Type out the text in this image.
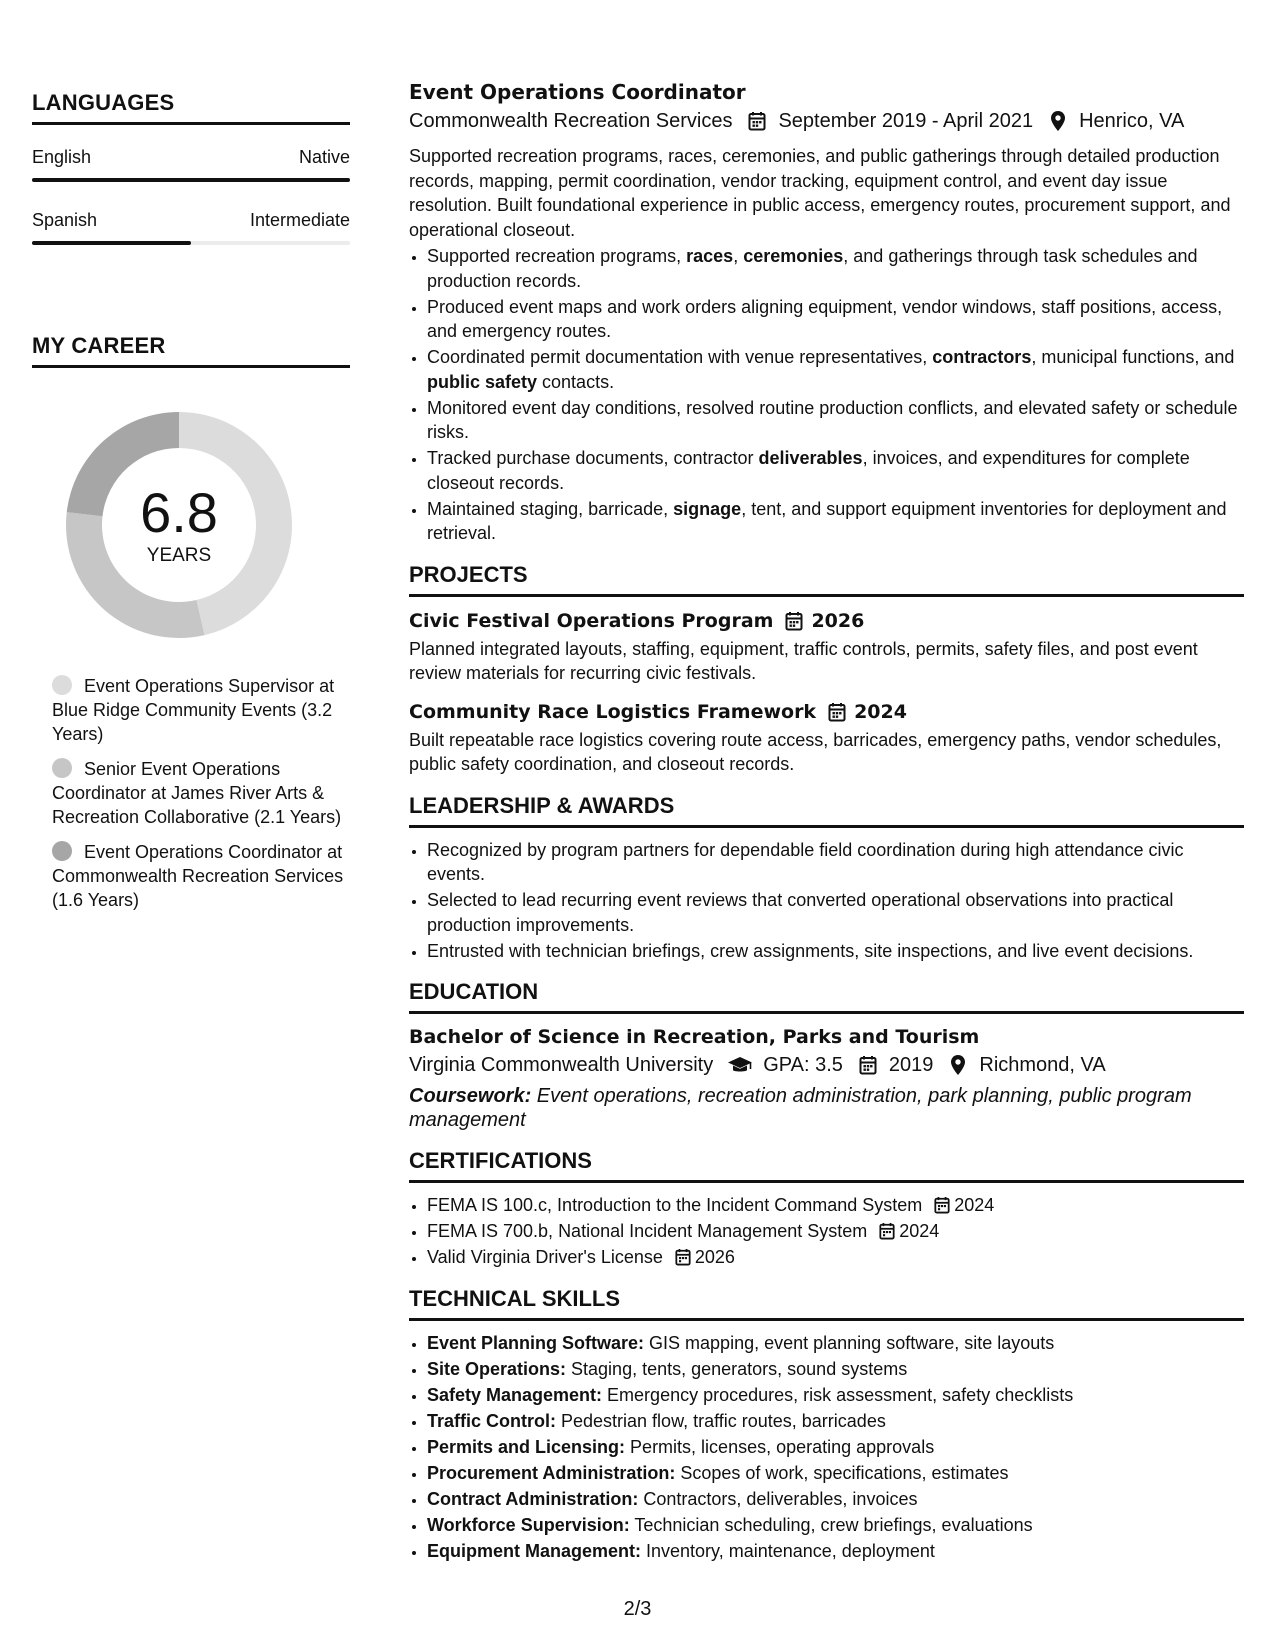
LANGUAGES
English	Native
Spanish	Intermediate
MY CAREER
6.8
YEARS
Event Operations Supervisor at Blue Ridge Community Events (3.2 Years)
Senior Event Operations Coordinator at James River Arts & Recreation Collaborative (2.1 Years)
Event Operations Coordinator at Commonwealth Recreation Services (1.6 Years)
Event Operations Coordinator
Commonwealth Recreation Services September 2019 - April 2021 Henrico, VA

Supported recreation programs, races, ceremonies, and public gatherings through detailed production records, mapping, permit coordination, vendor tracking, equipment control, and event day issue resolution. Built foundational experience in public access, emergency routes, procurement support, and operational closeout.

• Supported recreation programs, races, ceremonies, and gatherings through task schedules and production records.
• Produced event maps and work orders aligning equipment, vendor windows, staff positions, access, and emergency routes.
• Coordinated permit documentation with venue representatives, contractors, municipal functions, and public safety contacts.
• Monitored event day conditions, resolved routine production conflicts, and elevated safety or schedule risks.
• Tracked purchase documents, contractor deliverables, invoices, and expenditures for complete closeout records.
• Maintained staging, barricade, signage, tent, and support equipment inventories for deployment and retrieval.
PROJECTS
Civic Festival Operations Program 2026
Planned integrated layouts, staffing, equipment, traffic controls, permits, safety files, and post event review materials for recurring civic festivals.
Community Race Logistics Framework 2024
Built repeatable race logistics covering route access, barricades, emergency paths, vendor schedules, public safety coordination, and closeout records.
LEADERSHIP & AWARDS
• Recognized by program partners for dependable field coordination during high attendance civic events.
• Selected to lead recurring event reviews that converted operational observations into practical production improvements.
• Entrusted with technician briefings, crew assignments, site inspections, and live event decisions.
EDUCATION
Bachelor of Science in Recreation, Parks and Tourism
Virginia Commonwealth University	GPA: 3.5 2019 Richmond, VA
Coursework: Event operations, recreation administration, park planning, public program management
CERTIFICATIONS
• FEMA IS 100.c, Introduction to the Incident Command System 2024
• FEMA IS 700.b, National Incident Management System 2024
• Valid Virginia Driver's License 2026
TECHNICAL SKILLS
• Event Planning Software: GIS mapping, event planning software, site layouts
• Site Operations: Staging, tents, generators, sound systems
• Safety Management: Emergency procedures, risk assessment, safety checklists
• Traffic Control: Pedestrian flow, traffic routes, barricades
• Permits and Licensing: Permits, licenses, operating approvals
• Procurement Administration: Scopes of work, specifications, estimates
• Contract Administration: Contractors, deliverables, invoices
• Workforce Supervision: Technician scheduling, crew briefings, evaluations
• Equipment Management: Inventory, maintenance, deployment
2/3
